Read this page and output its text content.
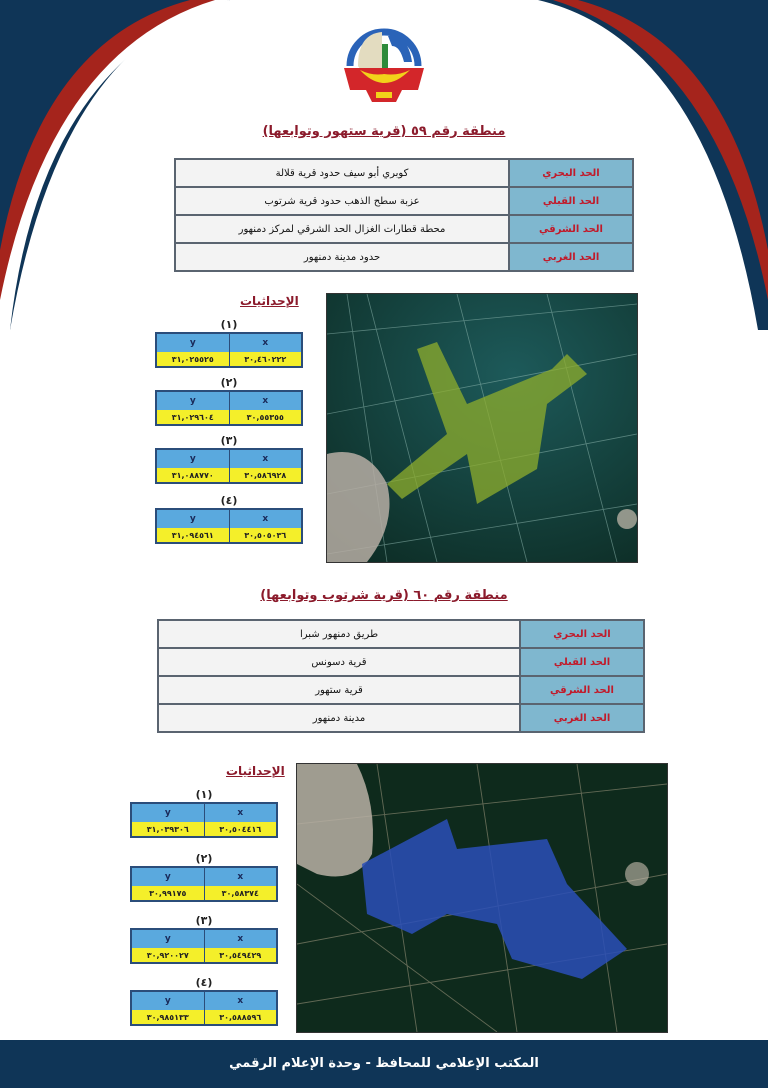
منطقة رقم ٥٩ (قرية ستهور وتوابعها)
الحد البحري	كوبري أبو سيف حدود قرية قلالة
الحد القبلي	عزبة سطح الذهب حدود قرية شرتوب
الحد الشرقي	محطة قطارات الغزال الحد الشرقي لمركز دمنهور
الحد الغربي	حدود مدينة دمنهور
الإحداثيات
(١)
y	x
٣١,٠٢٥٥٢٥	٣٠,٤٦٠٢٢٢
(٢)
y	x
٣١,٠٢٩٦٠٤	٣٠,٥٥٣٥٥
(٣)
y	x
٣١,٠٨٨٧٧٠	٣٠,٥٨٦٩٢٨
(٤)
y	x
٣١,٠٩٤٥٦١	٣٠,٥٠٥٠٣٦
منطقة رقم ٦٠ (قرية شرتوب وتوابعها)
الحد البحري	طريق دمنهور شبرا
الحد القبلي	قرية دسونس
الحد الشرقي	قرية ستهور
الحد الغربي	مدينة دمنهور
الإحداثيات
(١)
y	x
٣١,٠٣٩٣٠٦	٣٠,٥٠٤٤١٦
(٢)
y	x
٣٠,٩٩١٧٥	٣٠,٥٨٣٧٤
(٣)
y	x
٣٠,٩٢٠٠٢٧	٣٠,٥٤٩٤٢٩
(٤)
y	x
٣٠,٩٨٥١٣٣	٣٠,٥٨٨٥٩٦
المكتب الإعلامي للمحافظ - وحدة الإعلام الرقمي
